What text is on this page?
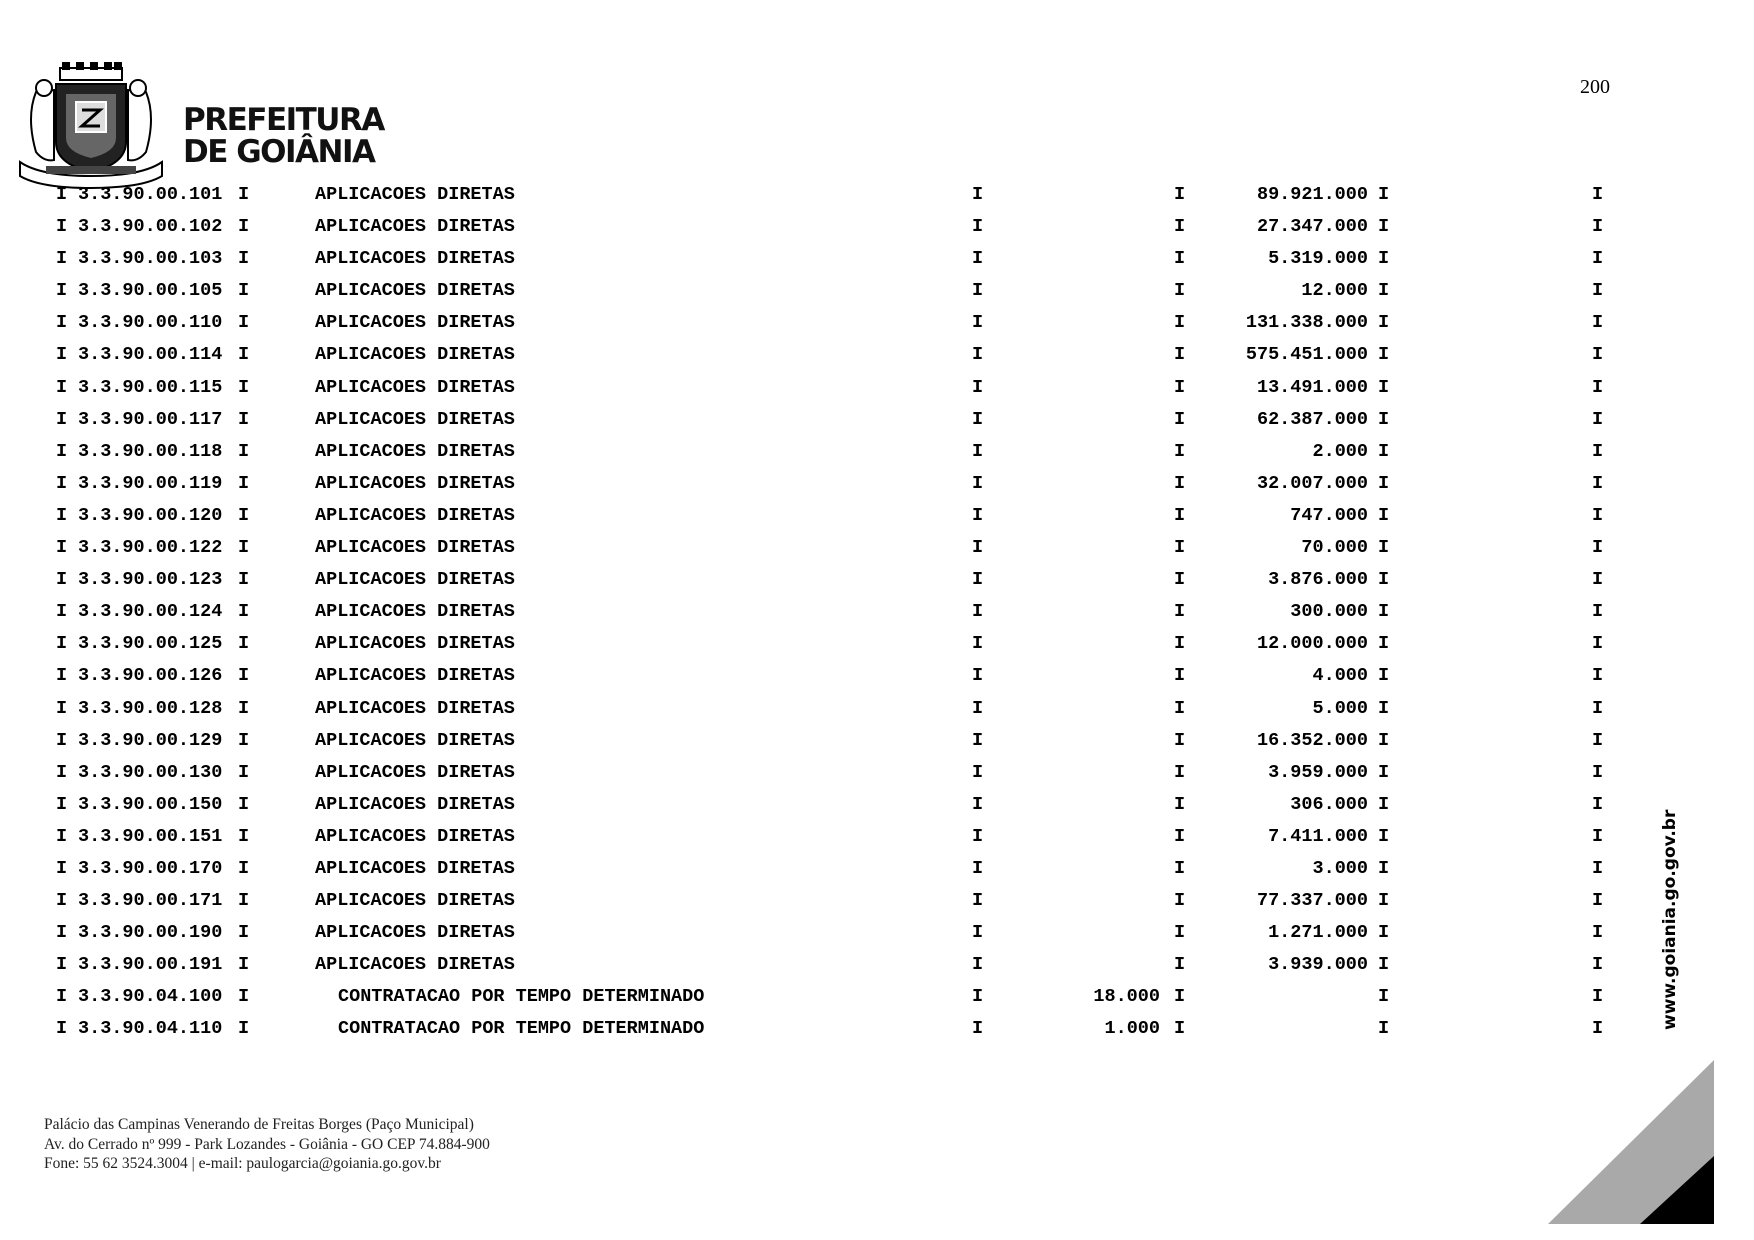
PREFEITURA
DE GOIÂNIA
200
I 3.3.90.00.101 I	APLICACOES DIRETAS	I	I	89.921.000 I	I
I 3.3.90.00.102 I	APLICACOES DIRETAS	I	I	27.347.000 I	I
I 3.3.90.00.103 I	APLICACOES DIRETAS	I	I	5.319.000 I	I
I 3.3.90.00.105 I	APLICACOES DIRETAS	I	I	12.000 I	I
I 3.3.90.00.110 I	APLICACOES DIRETAS	I	I	131.338.000 I	I
I 3.3.90.00.114 I	APLICACOES DIRETAS	I	I	575.451.000 I	I
I 3.3.90.00.115 I	APLICACOES DIRETAS	I	I	13.491.000 I	I
I 3.3.90.00.117 I	APLICACOES DIRETAS	I	I	62.387.000 I	I
I 3.3.90.00.118 I	APLICACOES DIRETAS	I	I	2.000 I	I
I 3.3.90.00.119 I	APLICACOES DIRETAS	I	I	32.007.000 I	I
I 3.3.90.00.120 I	APLICACOES DIRETAS	I	I	747.000 I	I
I 3.3.90.00.122 I	APLICACOES DIRETAS	I	I	70.000 I	I
I 3.3.90.00.123 I	APLICACOES DIRETAS	I	I	3.876.000 I	I
I 3.3.90.00.124 I	APLICACOES DIRETAS	I	I	300.000 I	I
I 3.3.90.00.125 I	APLICACOES DIRETAS	I	I	12.000.000 I	I
I 3.3.90.00.126 I	APLICACOES DIRETAS	I	I	4.000 I	I
I 3.3.90.00.128 I	APLICACOES DIRETAS	I	I	5.000 I	I
I 3.3.90.00.129 I	APLICACOES DIRETAS	I	I	16.352.000 I	I
I 3.3.90.00.130 I	APLICACOES DIRETAS	I	I	3.959.000 I	I
I 3.3.90.00.150 I	APLICACOES DIRETAS	I	I	306.000 I	I
I 3.3.90.00.151 I	APLICACOES DIRETAS	I	I	7.411.000 I	I
I 3.3.90.00.170 I	APLICACOES DIRETAS	I	I	3.000 I	I
I 3.3.90.00.171 I	APLICACOES DIRETAS	I	I	77.337.000 I	I
I 3.3.90.00.190 I	APLICACOES DIRETAS	I	I	1.271.000 I	I
I 3.3.90.00.191 I	APLICACOES DIRETAS	I	I	3.939.000 I	I
I 3.3.90.04.100 I	CONTRATACAO POR TEMPO DETERMINADO	I	18.000 I	I	I
I 3.3.90.04.110 I	CONTRATACAO POR TEMPO DETERMINADO	I	1.000 I	I	I
Palácio das Campinas Venerando de Freitas Borges (Paço Municipal)
Av. do Cerrado nº 999 - Park Lozandes - Goiânia - GO CEP 74.884-900
Fone: 55 62 3524.3004 | e-mail: paulogarcia@goiania.go.gov.br
www.goiania.go.gov.br
